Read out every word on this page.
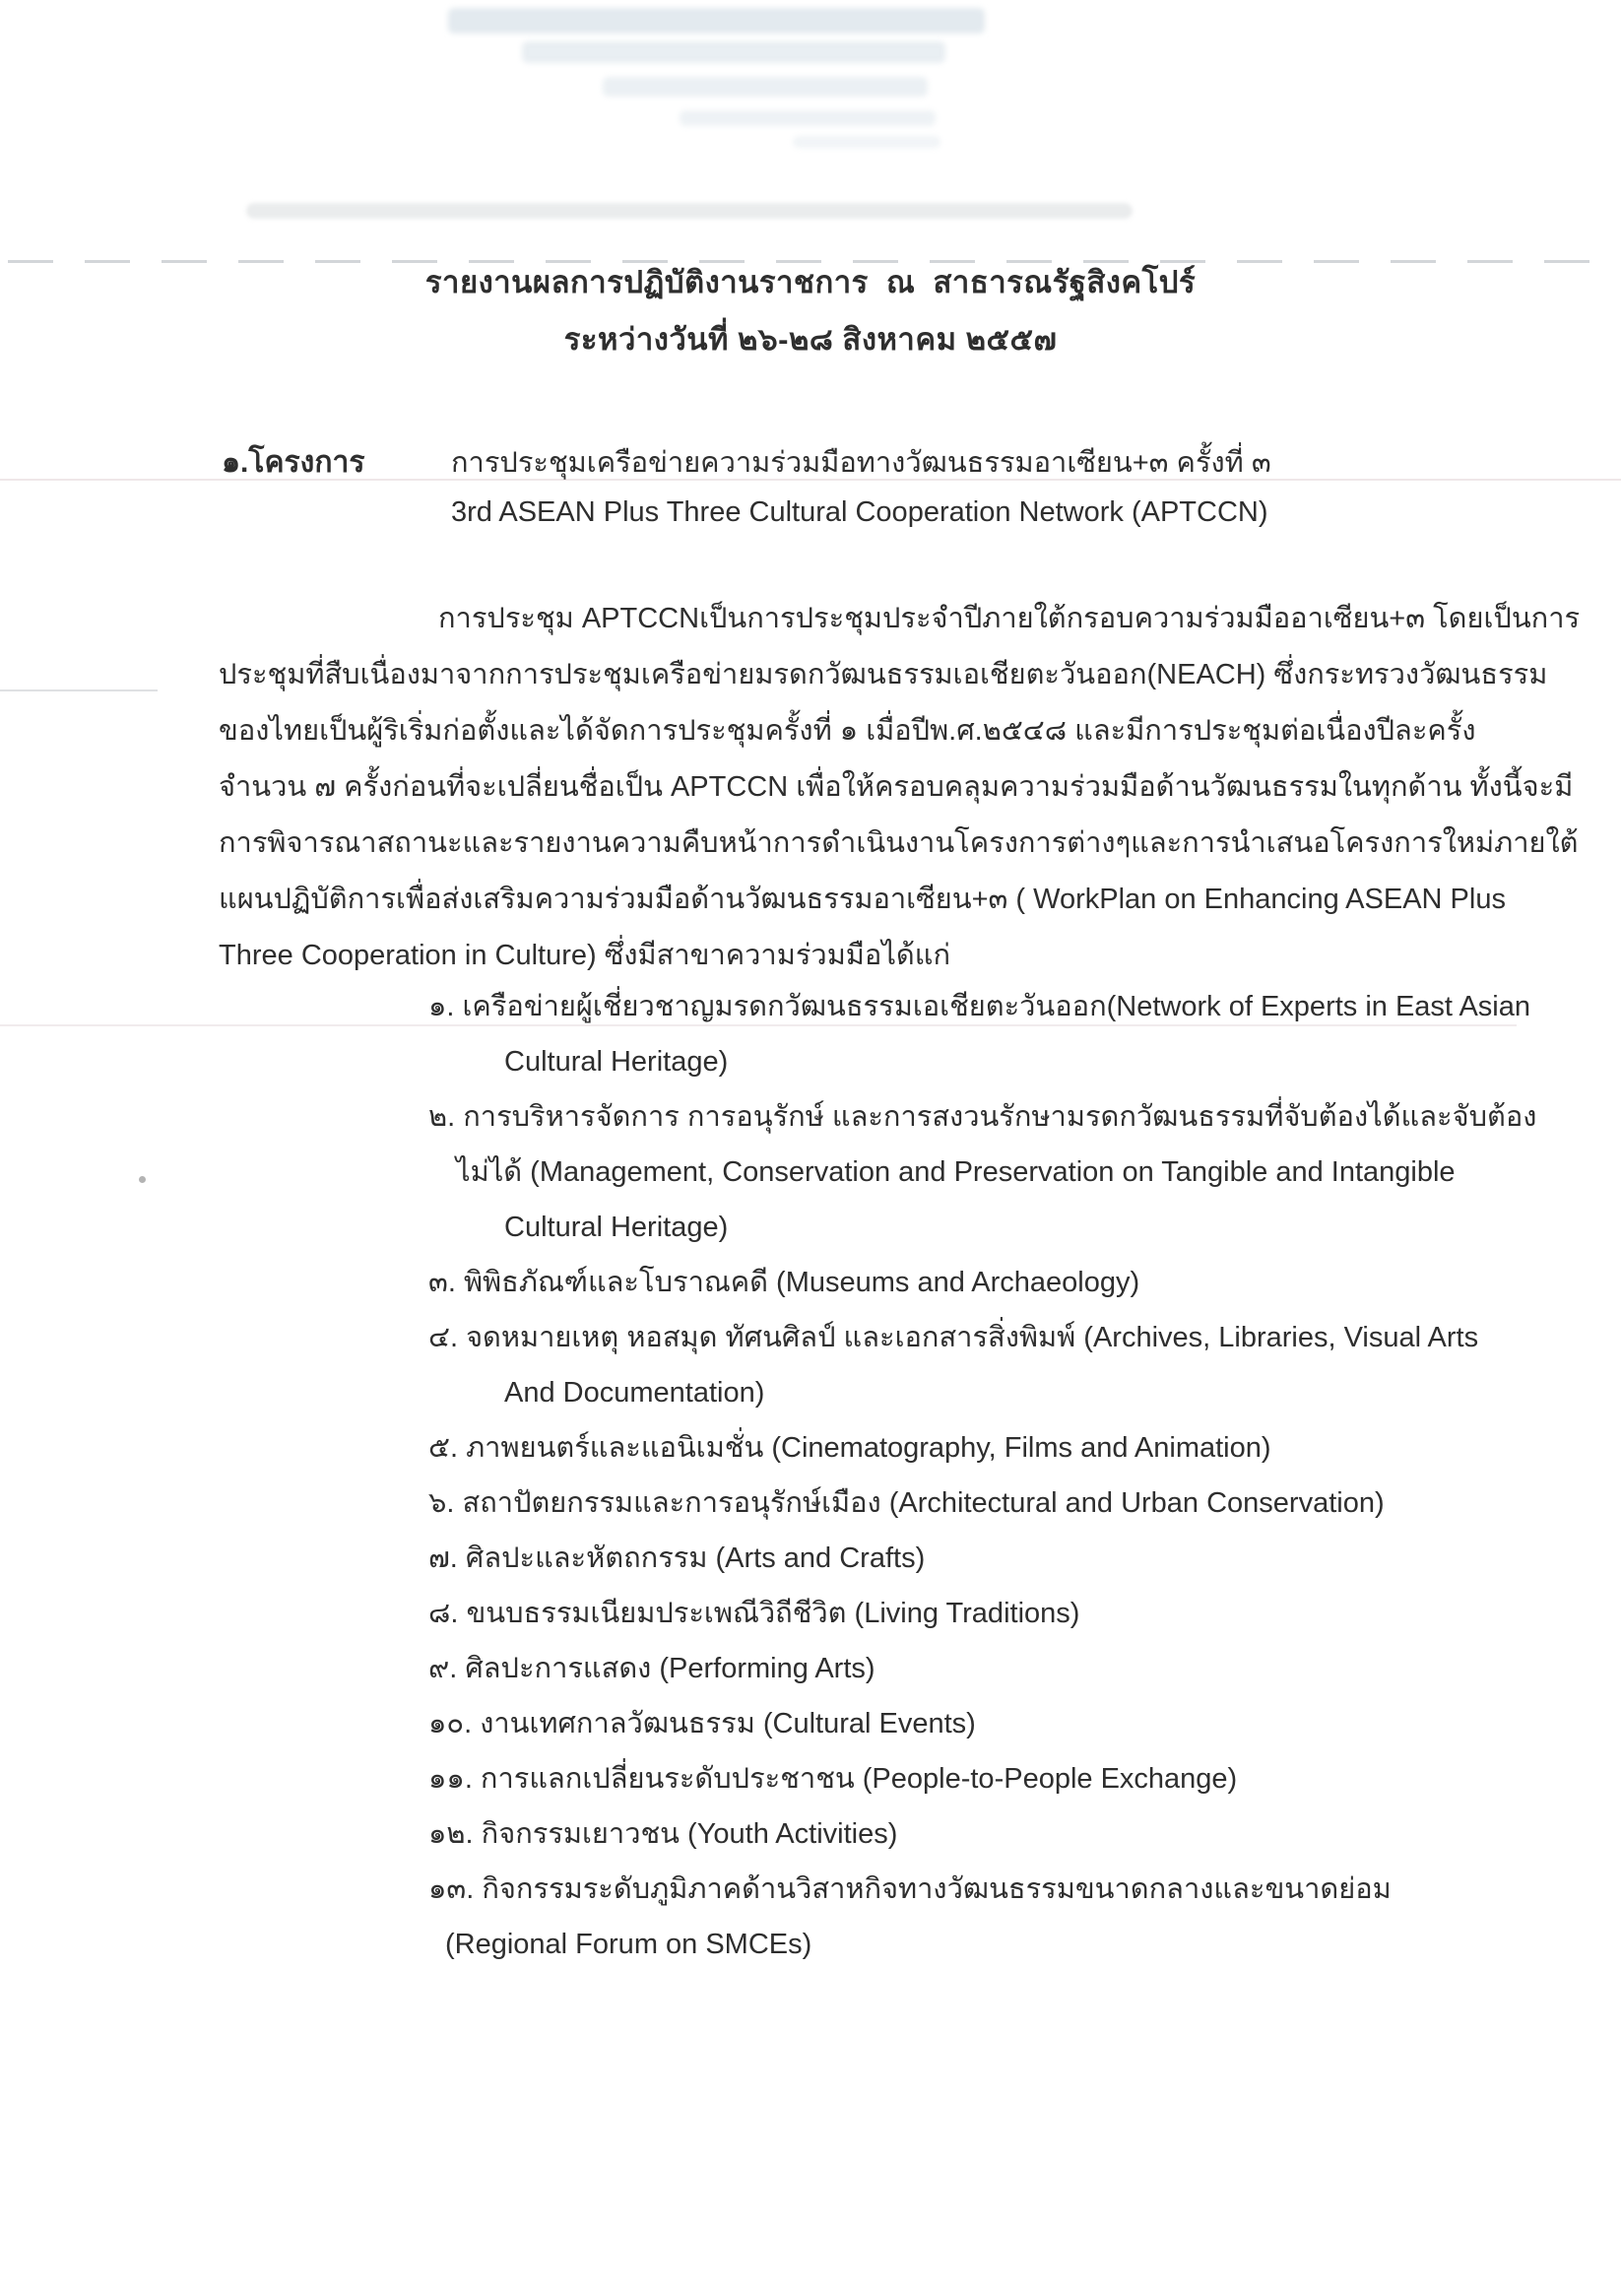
รายงานผลการปฏิบัติงานราชการ  ณ  สาธารณรัฐสิงคโปร์
ระหว่างวันที่ ๒๖-๒๘ สิงหาคม ๒๕๕๗
๑.โครงการ	การประชุมเครือข่ายความร่วมมือทางวัฒนธรรมอาเซียน+๓ ครั้งที่ ๓
3rd ASEAN Plus Three Cultural Cooperation Network (APTCCN)
การประชุม APTCCNเป็นการประชุมประจำปีภายใต้กรอบความร่วมมืออาเซียน+๓ โดยเป็นการ
ประชุมที่สืบเนื่องมาจากการประชุมเครือข่ายมรดกวัฒนธรรมเอเชียตะวันออก(NEACH) ซึ่งกระทรวงวัฒนธรรม
ของไทยเป็นผู้ริเริ่มก่อตั้งและได้จัดการประชุมครั้งที่ ๑ เมื่อปีพ.ศ.๒๕๔๘ และมีการประชุมต่อเนื่องปีละครั้ง
จำนวน ๗ ครั้งก่อนที่จะเปลี่ยนชื่อเป็น APTCCN เพื่อให้ครอบคลุมความร่วมมือด้านวัฒนธรรมในทุกด้าน ทั้งนี้จะมี
การพิจารณาสถานะและรายงานความคืบหน้าการดำเนินงานโครงการต่างๆและการนำเสนอโครงการใหม่ภายใต้
แผนปฏิบัติการเพื่อส่งเสริมความร่วมมือด้านวัฒนธรรมอาเซียน+๓ ( WorkPlan on Enhancing ASEAN Plus
Three Cooperation in Culture) ซึ่งมีสาขาความร่วมมือได้แก่
๑. เครือข่ายผู้เชี่ยวชาญมรดกวัฒนธรรมเอเชียตะวันออก(Network of Experts in East Asian
Cultural Heritage)
๒. การบริหารจัดการ การอนุรักษ์ และการสงวนรักษามรดกวัฒนธรรมที่จับต้องได้และจับต้อง
ไม่ได้ (Management, Conservation and Preservation on Tangible and Intangible
Cultural Heritage)
๓. พิพิธภัณฑ์และโบราณคดี (Museums and Archaeology)
๔. จดหมายเหตุ หอสมุด ทัศนศิลป์ และเอกสารสิ่งพิมพ์ (Archives, Libraries, Visual Arts
And Documentation)
๕. ภาพยนตร์และแอนิเมชั่น (Cinematography, Films and Animation)
๖. สถาปัตยกรรมและการอนุรักษ์เมือง (Architectural and Urban Conservation)
๗. ศิลปะและหัตถกรรม (Arts and Crafts)
๘. ขนบธรรมเนียมประเพณีวิถีชีวิต (Living Traditions)
๙. ศิลปะการแสดง (Performing Arts)
๑๐. งานเทศกาลวัฒนธรรม (Cultural Events)
๑๑. การแลกเปลี่ยนระดับประชาชน (People-to-People Exchange)
๑๒. กิจกรรมเยาวชน (Youth Activities)
๑๓. กิจกรรมระดับภูมิภาคด้านวิสาหกิจทางวัฒนธรรมขนาดกลางและขนาดย่อม
(Regional Forum on SMCEs)
